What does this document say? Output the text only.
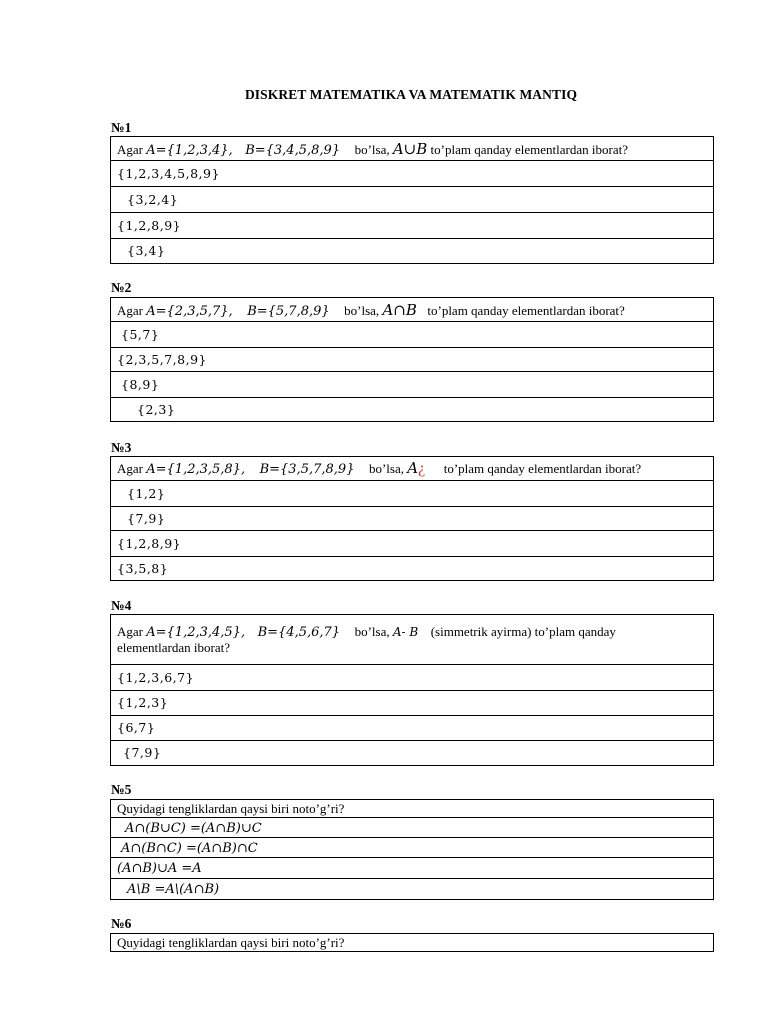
DISKRET MATEMATIKA VA MATEMATIK MANTIQ
№1
Agar A={1,2,3,4}, B={3,4,5,8,9} bo’lsa, A∪B to’plam qanday elementlardan iborat?
{1,2,3,4,5,8,9}
{3,2,4}
{1,2,8,9}
{3,4}
№2
Agar A={2,3,5,7}, B={5,7,8,9} bo’lsa, A∩B to’plam qanday elementlardan iborat?
{5,7}
{2,3,5,7,8,9}
{8,9}
{2,3}
№3
Agar A={1,2,3,5,8}, B={3,5,7,8,9} bo’lsa, A¿ to’plam qanday elementlardan iborat?
{1,2}
{7,9}
{1,2,8,9}
{3,5,8}
№4
Agar A={1,2,3,4,5}, B={4,5,6,7} bo’lsa, A- B (simmetrik ayirma) to’plam qanday
elementlardan iborat?
{1,2,3,6,7}
{1,2,3}
{6,7}
{7,9}
№5
Quyidagi tengliklardan qaysi biri noto’g’ri?
A∩(B∪C) =(A∩B)∪C
A∩(B∩C) =(A∩B)∩C
(A∩B)∪A =A
A\B =A\(A∩B)
№6
Quyidagi tengliklardan qaysi biri noto’g’ri?
